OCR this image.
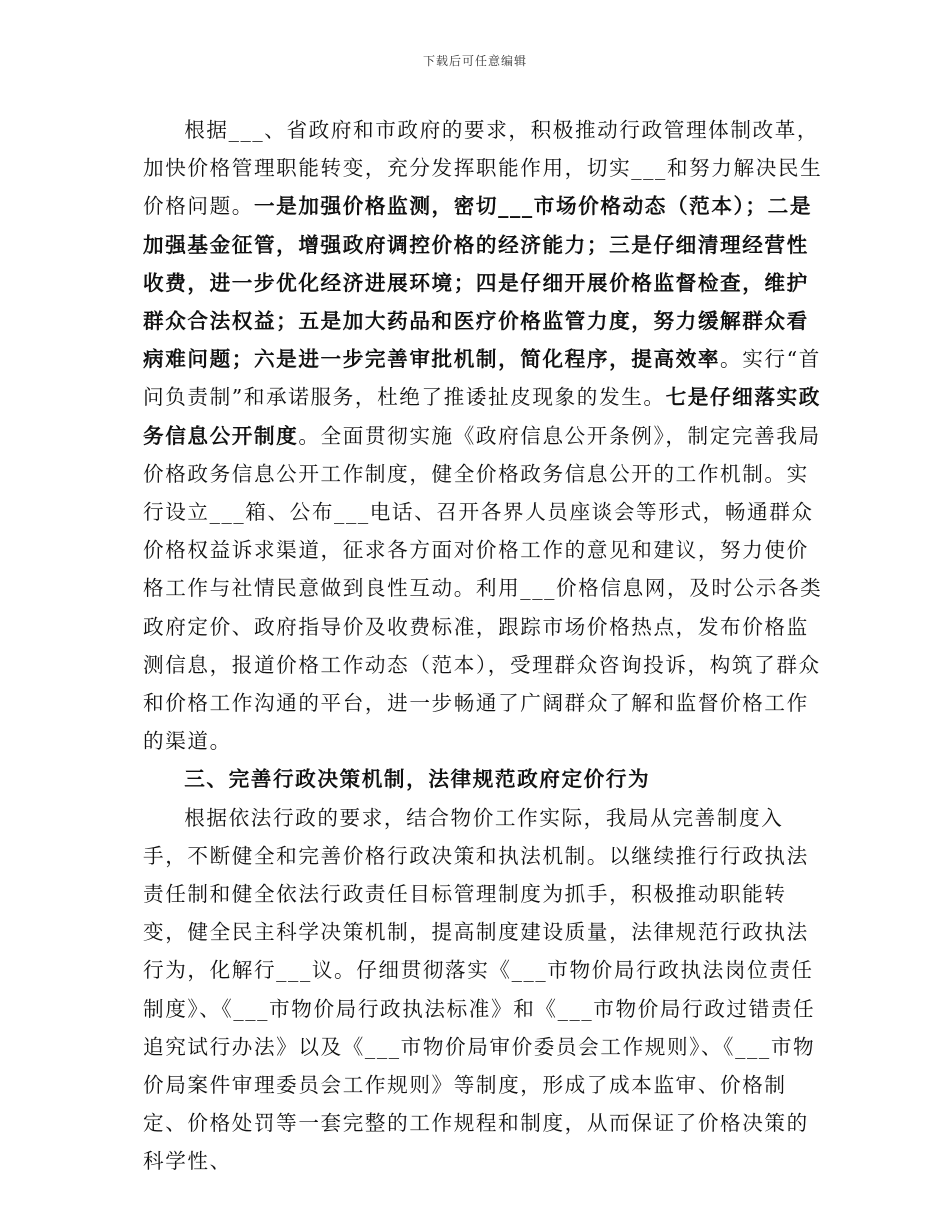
下载后可任意编辑

根据___、省政府和市政府的要求，积极推动行政管理体制改革，加快价格管理职能转变，充分发挥职能作用，切实___和努力解决民生价格问题。一是加强价格监测，密切___市场价格动态（范本）；二是加强基金征管，增强政府调控价格的经济能力；三是仔细清理经营性收费，进一步优化经济进展环境；四是仔细开展价格监督检查，维护群众合法权益；五是加大药品和医疗价格监管力度，努力缓解群众看病难问题；六是进一步完善审批机制，简化程序，提高效率。实行“首问负责制”和承诺服务，杜绝了推诿扯皮现象的发生。七是仔细落实政务信息公开制度。全面贯彻实施《政府信息公开条例》，制定完善我局价格政务信息公开工作制度，健全价格政务信息公开的工作机制。实行设立___箱、公布___电话、召开各界人员座谈会等形式，畅通群众价格权益诉求渠道，征求各方面对价格工作的意见和建议，努力使价格工作与社情民意做到良性互动。利用___价格信息网，及时公示各类政府定价、政府指导价及收费标准，跟踪市场价格热点，发布价格监测信息，报道价格工作动态（范本），受理群众咨询投诉，构筑了群众和价格工作沟通的平台，进一步畅通了广阔群众了解和监督价格工作的渠道。

三、完善行政决策机制，法律规范政府定价行为

根据依法行政的要求，结合物价工作实际，我局从完善制度入手，不断健全和完善价格行政决策和执法机制。以继续推行行政执法责任制和健全依法行政责任目标管理制度为抓手，积极推动职能转变，健全民主科学决策机制，提高制度建设质量，法律规范行政执法行为，化解行___议。仔细贯彻落实《___市物价局行政执法岗位责任制度》、《___市物价局行政执法标准》和《___市物价局行政过错责任追究试行办法》以及《___市物价局审价委员会工作规则》、《___市物价局案件审理委员会工作规则》等制度，形成了成本监审、价格制定、价格处罚等一套完整的工作规程和制度，从而保证了价格决策的科学性、
